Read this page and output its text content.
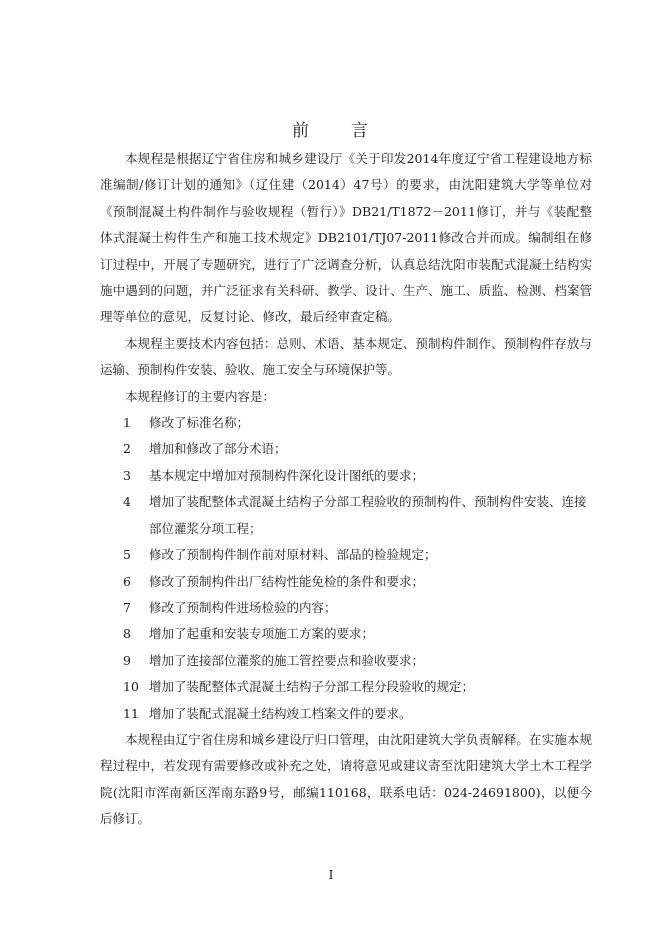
前 言

本规程是根据辽宁省住房和城乡建设厅《关于印发2014年度辽宁省工程建设地方标准编制/修订计划的通知》（辽住建（2014）47号）的要求，由沈阳建筑大学等单位对《预制混凝土构件制作与验收规程（暂行）》DB21/T1872－2011修订，并与《装配整体式混凝土构件生产和施工技术规定》DB2101/TJ07-2011修改合并而成。编制组在修订过程中，开展了专题研究，进行了广泛调查分析，认真总结沈阳市装配式混凝土结构实施中遇到的问题，并广泛征求有关科研、教学、设计、生产、施工、质监、检测、档案管理等单位的意见，反复讨论、修改，最后经审查定稿。

本规程主要技术内容包括：总则、术语、基本规定、预制构件制作、预制构件存放与运输、预制构件安装、验收、施工安全与环境保护等。

本规程修订的主要内容是：

1	修改了标准名称；
2	增加和修改了部分术语；
3	基本规定中增加对预制构件深化设计图纸的要求；
4	增加了装配整体式混凝土结构子分部工程验收的预制构件、预制构件安装、连接部位灌浆分项工程；
5	修改了预制构件制作前对原材料、部品的检验规定；
6	修改了预制构件出厂结构性能免检的条件和要求；
7	修改了预制构件进场检验的内容；
8	增加了起重和安装专项施工方案的要求；
9	增加了连接部位灌浆的施工管控要点和验收要求；
10 增加了装配整体式混凝土结构子分部工程分段验收的规定；
11 增加了装配式混凝土结构竣工档案文件的要求。

本规程由辽宁省住房和城乡建设厅归口管理，由沈阳建筑大学负责解释。在实施本规程过程中，若发现有需要修改或补充之处，请将意见或建议寄至沈阳建筑大学土木工程学院(沈阳市浑南新区浑南东路9号，邮编110168，联系电话：024-24691800)，以便今后修订。

I
